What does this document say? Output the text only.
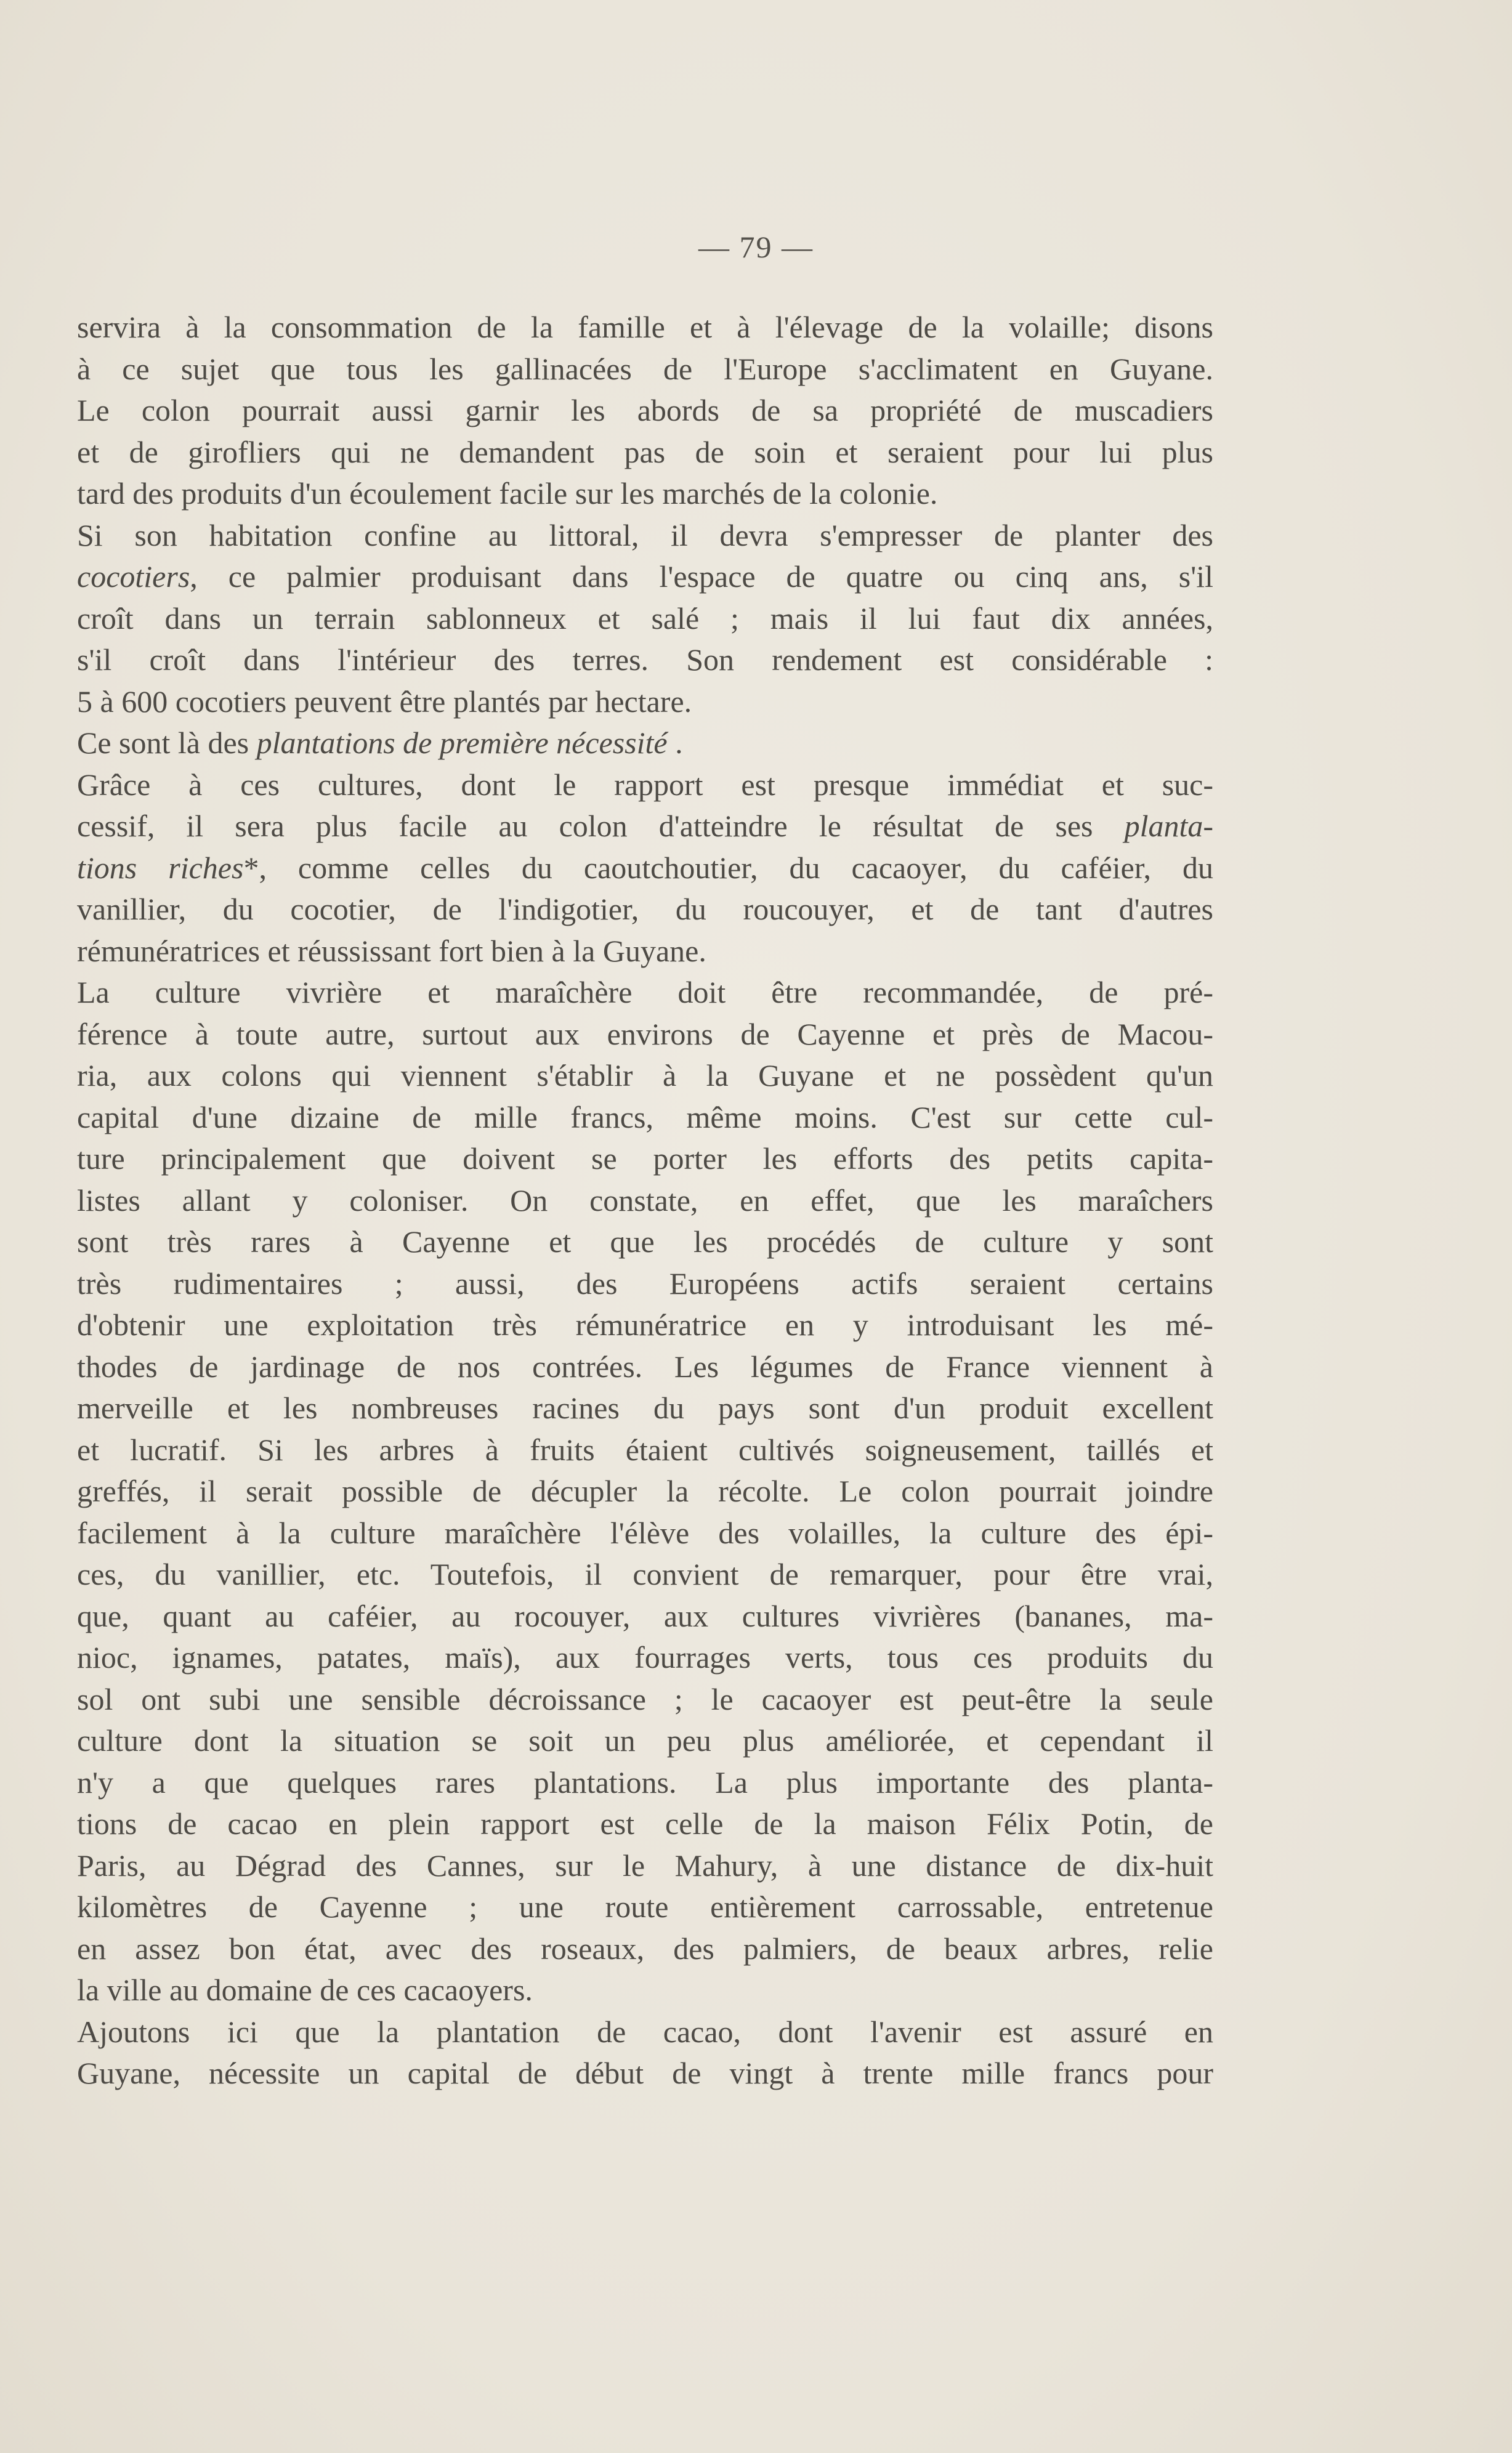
— 79 —
servira à la consommation de la famille et à l'élevage de la volaille; disons
à ce sujet que tous les gallinacées de l'Europe s'acclimatent en Guyane.
Le colon pourrait aussi garnir les abords de sa propriété de muscadiers
et de girofliers qui ne demandent pas de soin et seraient pour lui plus
tard des produits d'un écoulement facile sur les marchés de la colonie.
Si son habitation confine au littoral, il devra s'empresser de planter des
cocotiers, ce palmier produisant dans l'espace de quatre ou cinq ans, s'il
croît dans un terrain sablonneux et salé ; mais il lui faut dix années,
s'il croît dans l'intérieur des terres. Son rendement est considérable :
5 à 600 cocotiers peuvent être plantés par hectare.
Ce sont là des plantations de première nécessité .
Grâce à ces cultures, dont le rapport est presque immédiat et suc-
cessif, il sera plus facile au colon d'atteindre le résultat de ses planta-
tions riches*, comme celles du caoutchoutier, du cacaoyer, du caféier, du
vanillier, du cocotier, de l'indigotier, du roucouyer, et de tant d'autres
rémunératrices et réussissant fort bien à la Guyane.
La culture vivrière et maraîchère doit être recommandée, de pré-
férence à toute autre, surtout aux environs de Cayenne et près de Macou-
ria, aux colons qui viennent s'établir à la Guyane et ne possèdent qu'un
capital d'une dizaine de mille francs, même moins. C'est sur cette cul-
ture principalement que doivent se porter les efforts des petits capita-
listes allant y coloniser. On constate, en effet, que les maraîchers
sont très rares à Cayenne et que les procédés de culture y sont
très rudimentaires ; aussi, des Européens actifs seraient certains
d'obtenir une exploitation très rémunératrice en y introduisant les mé-
thodes de jardinage de nos contrées. Les légumes de France viennent à
merveille et les nombreuses racines du pays sont d'un produit excellent
et lucratif. Si les arbres à fruits étaient cultivés soigneusement, taillés et
greffés, il serait possible de décupler la récolte. Le colon pourrait joindre
facilement à la culture maraîchère l'élève des volailles, la culture des épi-
ces, du vanillier, etc. Toutefois, il convient de remarquer, pour être vrai,
que, quant au caféier, au rocouyer, aux cultures vivrières (bananes, ma-
nioc, ignames, patates, maïs), aux fourrages verts, tous ces produits du
sol ont subi une sensible décroissance ; le cacaoyer est peut-être la seule
culture dont la situation se soit un peu plus améliorée, et cependant il
n'y a que quelques rares plantations. La plus importante des planta-
tions de cacao en plein rapport est celle de la maison Félix Potin, de
Paris, au Dégrad des Cannes, sur le Mahury, à une distance de dix-huit
kilomètres de Cayenne ; une route entièrement carrossable, entretenue
en assez bon état, avec des roseaux, des palmiers, de beaux arbres, relie
la ville au domaine de ces cacaoyers.
Ajoutons ici que la plantation de cacao, dont l'avenir est assuré en
Guyane, nécessite un capital de début de vingt à trente mille francs pour
